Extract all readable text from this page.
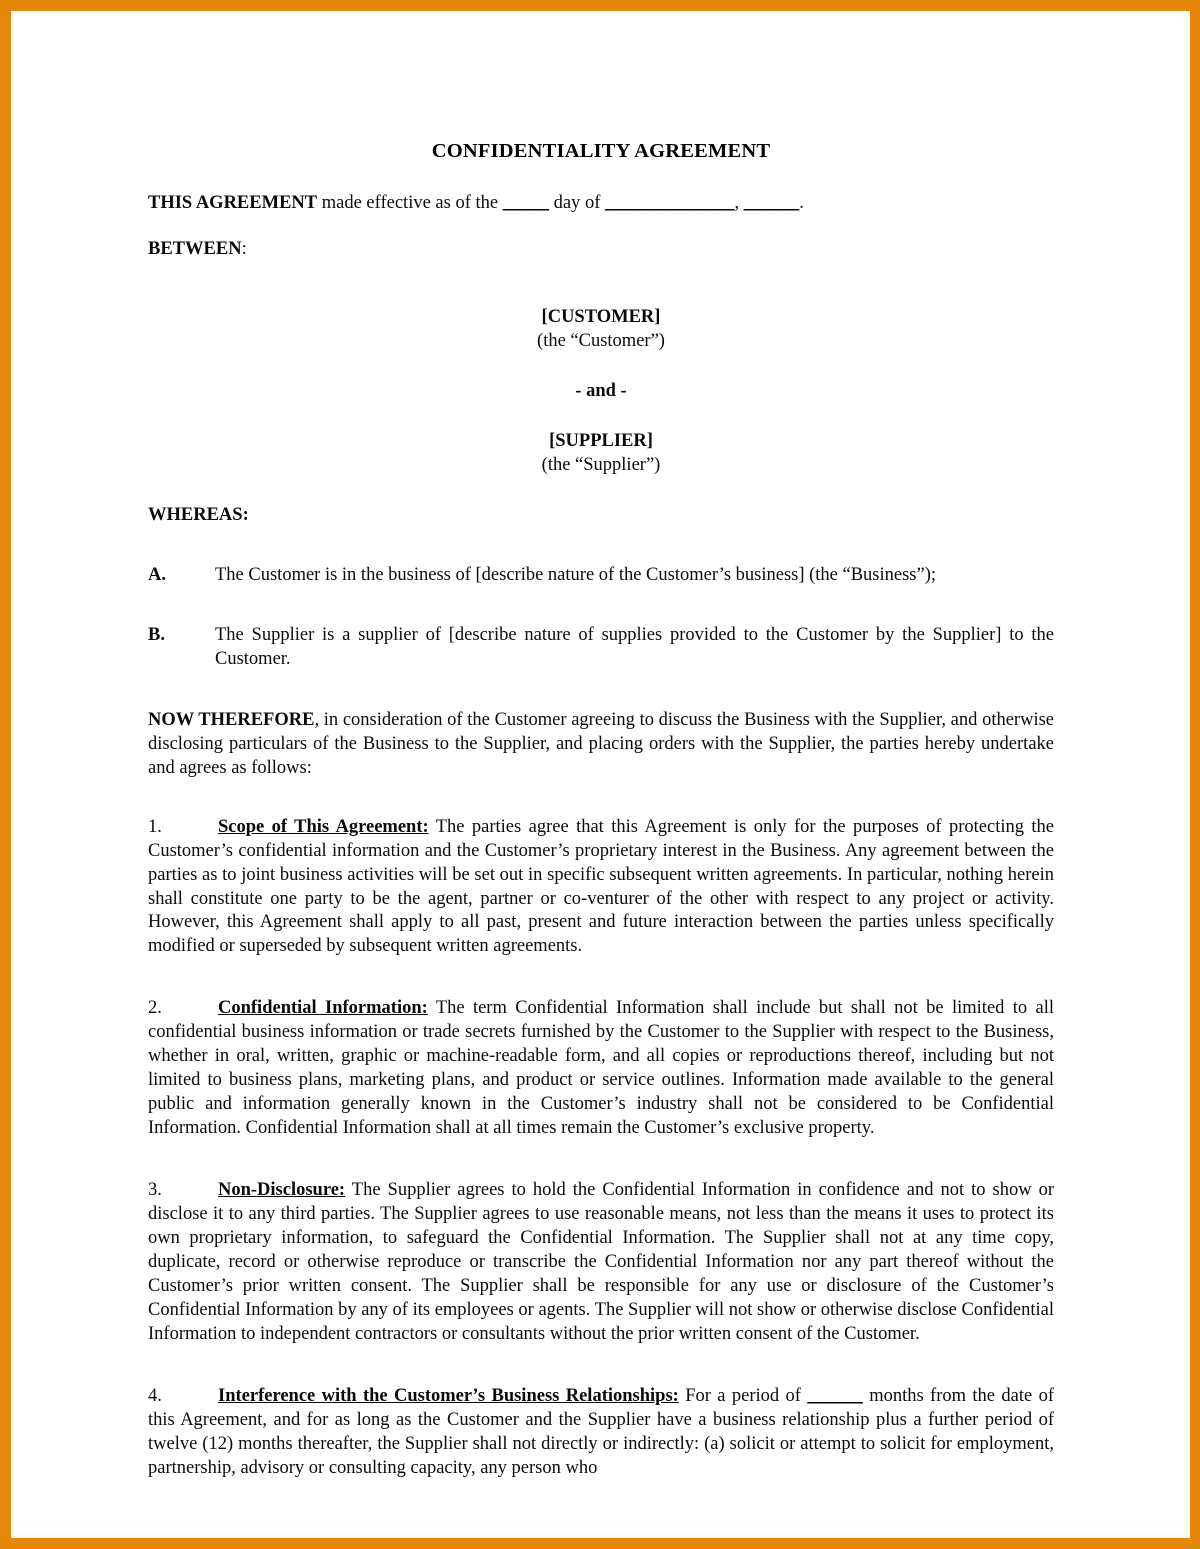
CONFIDENTIALITY AGREEMENT

THIS AGREEMENT made effective as of the _____ day of ______________, ______.

BETWEEN:

[CUSTOMER]
(the “Customer”)
- and -
[SUPPLIER]
(the “Supplier”)

WHEREAS:

A.	The Customer is in the business of [describe nature of the Customer’s business] (the “Business”);

B.	The Supplier is a supplier of [describe nature of supplies provided to the Customer by the Supplier] to the Customer.

NOW THEREFORE, in consideration of the Customer agreeing to discuss the Business with the Supplier, and otherwise disclosing particulars of the Business to the Supplier, and placing orders with the Supplier, the parties hereby undertake and agrees as follows:

1.	Scope of This Agreement: The parties agree that this Agreement is only for the purposes of protecting the Customer’s confidential information and the Customer’s proprietary interest in the Business. Any agreement between the parties as to joint business activities will be set out in specific subsequent written agreements. In particular, nothing herein shall constitute one party to be the agent, partner or co-venturer of the other with respect to any project or activity. However, this Agreement shall apply to all past, present and future interaction between the parties unless specifically modified or superseded by subsequent written agreements.

2.	Confidential Information: The term Confidential Information shall include but shall not be limited to all confidential business information or trade secrets furnished by the Customer to the Supplier with respect to the Business, whether in oral, written, graphic or machine-readable form, and all copies or reproductions thereof, including but not limited to business plans, marketing plans, and product or service outlines. Information made available to the general public and information generally known in the Customer’s industry shall not be considered to be Confidential Information. Confidential Information shall at all times remain the Customer’s exclusive property.

3.	Non-Disclosure: The Supplier agrees to hold the Confidential Information in confidence and not to show or disclose it to any third parties. The Supplier agrees to use reasonable means, not less than the means it uses to protect its own proprietary information, to safeguard the Confidential Information. The Supplier shall not at any time copy, duplicate, record or otherwise reproduce or transcribe the Confidential Information nor any part thereof without the Customer’s prior written consent. The Supplier shall be responsible for any use or disclosure of the Customer’s Confidential Information by any of its employees or agents. The Supplier will not show or otherwise disclose Confidential Information to independent contractors or consultants without the prior written consent of the Customer.

4.	Interference with the Customer’s Business Relationships: For a period of ______ months from the date of this Agreement, and for as long as the Customer and the Supplier have a business relationship plus a further period of twelve (12) months thereafter, the Supplier shall not directly or indirectly: (a) solicit or attempt to solicit for employment, partnership, advisory or consulting capacity, any person who
